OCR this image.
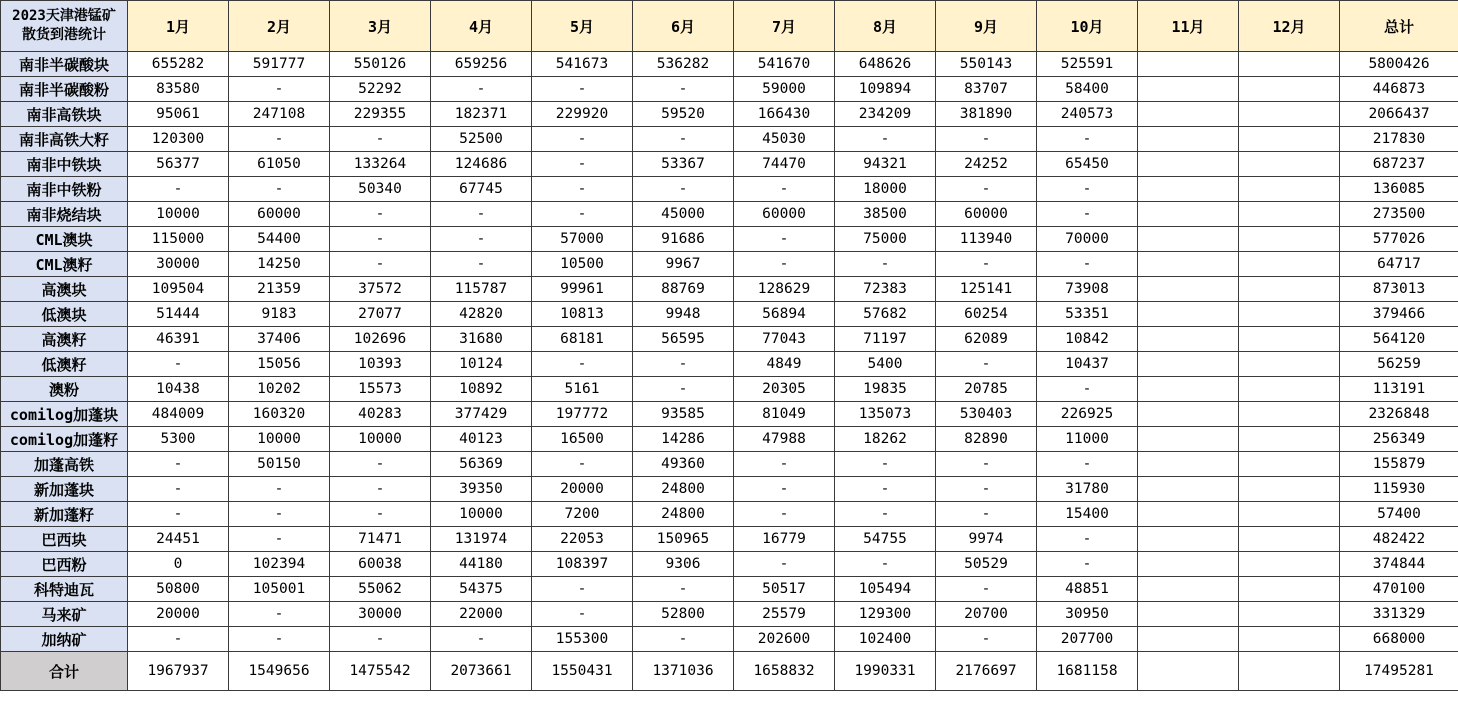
2023天津港锰矿
散货到港统计	1月	2月	3月	4月	5月	6月	7月	8月	9月	10月	11月	12月	总计
南非半碳酸块	655282	591777	550126	659256	541673	536282	541670	648626	550143	525591			5800426
南非半碳酸粉	83580	-	52292	-	-	-	59000	109894	83707	58400			446873
南非高铁块	95061	247108	229355	182371	229920	59520	166430	234209	381890	240573			2066437
南非高铁大籽	120300	-	-	52500	-	-	45030	-	-	-			217830
南非中铁块	56377	61050	133264	124686	-	53367	74470	94321	24252	65450			687237
南非中铁粉	-	-	50340	67745	-	-	-	18000	-	-			136085
南非烧结块	10000	60000	-	-	-	45000	60000	38500	60000	-			273500
CML澳块	115000	54400	-	-	57000	91686	-	75000	113940	70000			577026
CML澳籽	30000	14250	-	-	10500	9967	-	-	-	-			64717
高澳块	109504	21359	37572	115787	99961	88769	128629	72383	125141	73908			873013
低澳块	51444	9183	27077	42820	10813	9948	56894	57682	60254	53351			379466
高澳籽	46391	37406	102696	31680	68181	56595	77043	71197	62089	10842			564120
低澳籽	-	15056	10393	10124	-	-	4849	5400	-	10437			56259
澳粉	10438	10202	15573	10892	5161	-	20305	19835	20785	-			113191
comilog加蓬块	484009	160320	40283	377429	197772	93585	81049	135073	530403	226925			2326848
comilog加蓬籽	5300	10000	10000	40123	16500	14286	47988	18262	82890	11000			256349
加蓬高铁	-	50150	-	56369	-	49360	-	-	-	-			155879
新加蓬块	-	-	-	39350	20000	24800	-	-	-	31780			115930
新加蓬籽	-	-	-	10000	7200	24800	-	-	-	15400			57400
巴西块	24451	-	71471	131974	22053	150965	16779	54755	9974	-			482422
巴西粉	0	102394	60038	44180	108397	9306	-	-	50529	-			374844
科特迪瓦	50800	105001	55062	54375	-	-	50517	105494	-	48851			470100
马来矿	20000	-	30000	22000	-	52800	25579	129300	20700	30950			331329
加纳矿	-	-	-	-	155300	-	202600	102400	-	207700			668000
合计	1967937	1549656	1475542	2073661	1550431	1371036	1658832	1990331	2176697	1681158			17495281
